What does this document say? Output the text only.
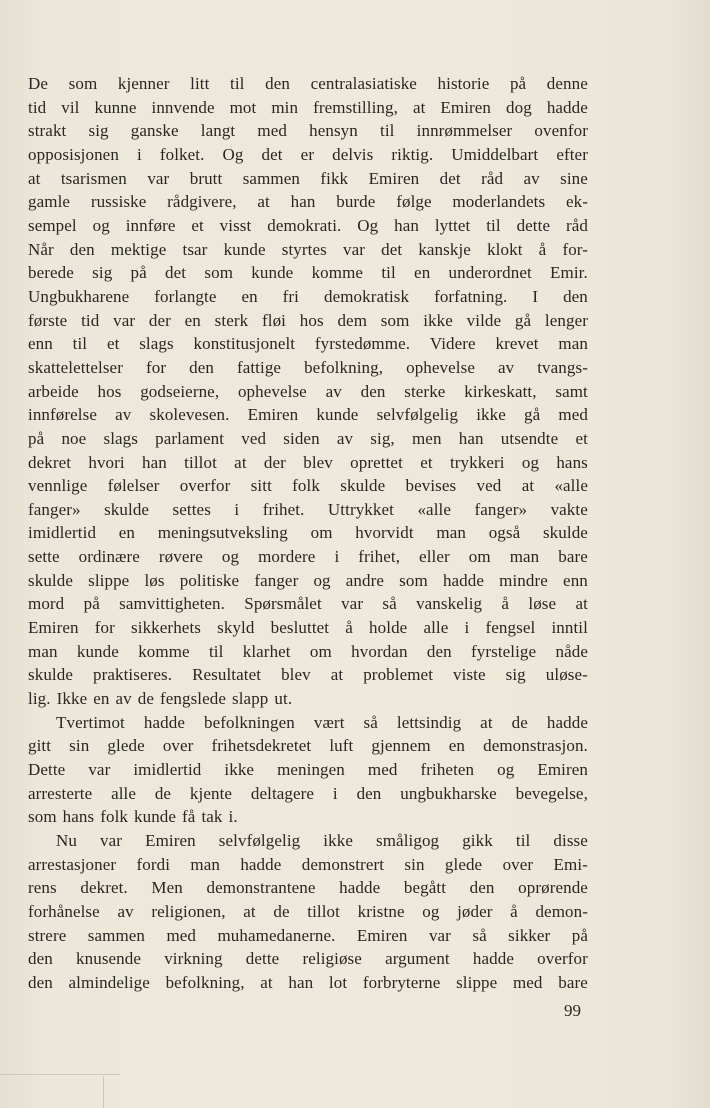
De som kjenner litt til den centralasiatiske historie på denne
tid vil kunne innvende mot min fremstilling, at Emiren dog hadde
strakt sig ganske langt med hensyn til innrømmelser ovenfor
opposisjonen i folket. Og det er delvis riktig. Umiddelbart efter
at tsarismen var brutt sammen fikk Emiren det råd av sine
gamle russiske rådgivere, at han burde følge moderlandets ek-
sempel og innføre et visst demokrati. Og han lyttet til dette råd
Når den mektige tsar kunde styrtes var det kanskje klokt å for-
berede sig på det som kunde komme til en underordnet Emir.
Ungbukharene forlangte en fri demokratisk forfatning. I den
første tid var der en sterk fløi hos dem som ikke vilde gå lenger
enn til et slags konstitusjonelt fyrstedømme. Videre krevet man
skattelettelser for den fattige befolkning, ophevelse av tvangs-
arbeide hos godseierne, ophevelse av den sterke kirkeskatt, samt
innførelse av skolevesen. Emiren kunde selvfølgelig ikke gå med
på noe slags parlament ved siden av sig, men han utsendte et
dekret hvori han tillot at der blev oprettet et trykkeri og hans
vennlige følelser overfor sitt folk skulde bevises ved at «alle
fanger» skulde settes i frihet. Uttrykket «alle fanger» vakte
imidlertid en meningsutveksling om hvorvidt man også skulde
sette ordinære røvere og mordere i frihet, eller om man bare
skulde slippe løs politiske fanger og andre som hadde mindre enn
mord på samvittigheten. Spørsmålet var så vanskelig å løse at
Emiren for sikkerhets skyld besluttet å holde alle i fengsel inntil
man kunde komme til klarhet om hvordan den fyrstelige nåde
skulde praktiseres. Resultatet blev at problemet viste sig uløse-
lig. Ikke en av de fengslede slapp ut.
Tvertimot hadde befolkningen vært så lettsindig at de hadde
gitt sin glede over frihetsdekretet luft gjennem en demonstrasjon.
Dette var imidlertid ikke meningen med friheten og Emiren
arresterte alle de kjente deltagere i den ungbukharske bevegelse,
som hans folk kunde få tak i.
Nu var Emiren selvfølgelig ikke småligog gikk til disse
arrestasjoner fordi man hadde demonstrert sin glede over Emi-
rens dekret. Men demonstrantene hadde begått den oprørende
forhånelse av religionen, at de tillot kristne og jøder å demon-
strere sammen med muhamedanerne. Emiren var så sikker på
den knusende virkning dette religiøse argument hadde overfor
den almindelige befolkning, at han lot forbryterne slippe med bare
99
